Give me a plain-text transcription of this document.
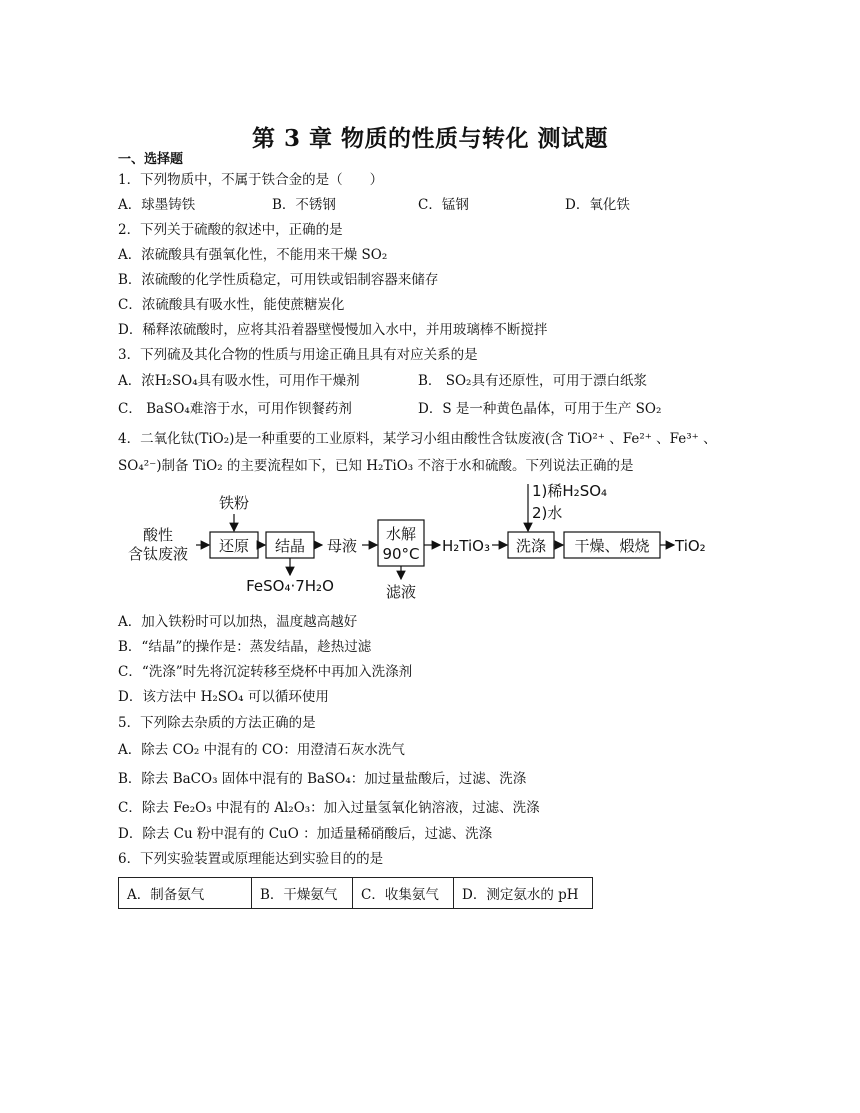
第 3 章 物质的性质与转化 测试题
一、选择题
1．下列物质中，不属于铁合金的是（　　）
A．球墨铸铁	B．不锈钢	C．锰钢	D．氧化铁
2．下列关于硫酸的叙述中，正确的是
A．浓硫酸具有强氧化性，不能用来干燥 SO₂
B．浓硫酸的化学性质稳定，可用铁或铝制容器来储存
C．浓硫酸具有吸水性，能使蔗糖炭化
D．稀释浓硫酸时，应将其沿着器壁慢慢加入水中，并用玻璃棒不断搅拌
3．下列硫及其化合物的性质与用途正确且具有对应关系的是
A．浓H₂SO₄具有吸水性，可用作干燥剂	B． SO₂具有还原性，可用于漂白纸浆
C． BaSO₄难溶于水，可用作钡餐药剂	D．S 是一种黄色晶体，可用于生产 SO₂
4．二氧化钛(TiO₂)是一种重要的工业原料，某学习小组由酸性含钛废液(含 TiO²⁺ 、Fe²⁺ 、Fe³⁺ 、
SO₄²⁻)制备 TiO₂ 的主要流程如下，已知 H₂TiO₃ 不溶于水和硫酸。下列说法正确的是
酸性
含钛废液
铁粉
还原 结晶
FeSO₄·7H₂O
母液
水解
90°C
滤液
H₂TiO₃
1)稀H₂SO₄
2)水
洗涤 干燥、煅烧 TiO₂
A．加入铁粉时可以加热，温度越高越好
B．“结晶”的操作是：蒸发结晶，趁热过滤
C．“洗涤”时先将沉淀转移至烧杯中再加入洗涤剂
D．该方法中 H₂SO₄ 可以循环使用
5．下列除去杂质的方法正确的是
A．除去 CO₂ 中混有的 CO：用澄清石灰水洗气
B．除去 BaCO₃ 固体中混有的 BaSO₄：加过量盐酸后，过滤、洗涤
C．除去 Fe₂O₃ 中混有的 Al₂O₃：加入过量氢氧化钠溶液，过滤、洗涤
D．除去 Cu 粉中混有的 CuO ：加适量稀硝酸后，过滤、洗涤
6．下列实验装置或原理能达到实验目的的是
A．制备氨气	B．干燥氨气	C．收集氨气	D．测定氨水的 pH
